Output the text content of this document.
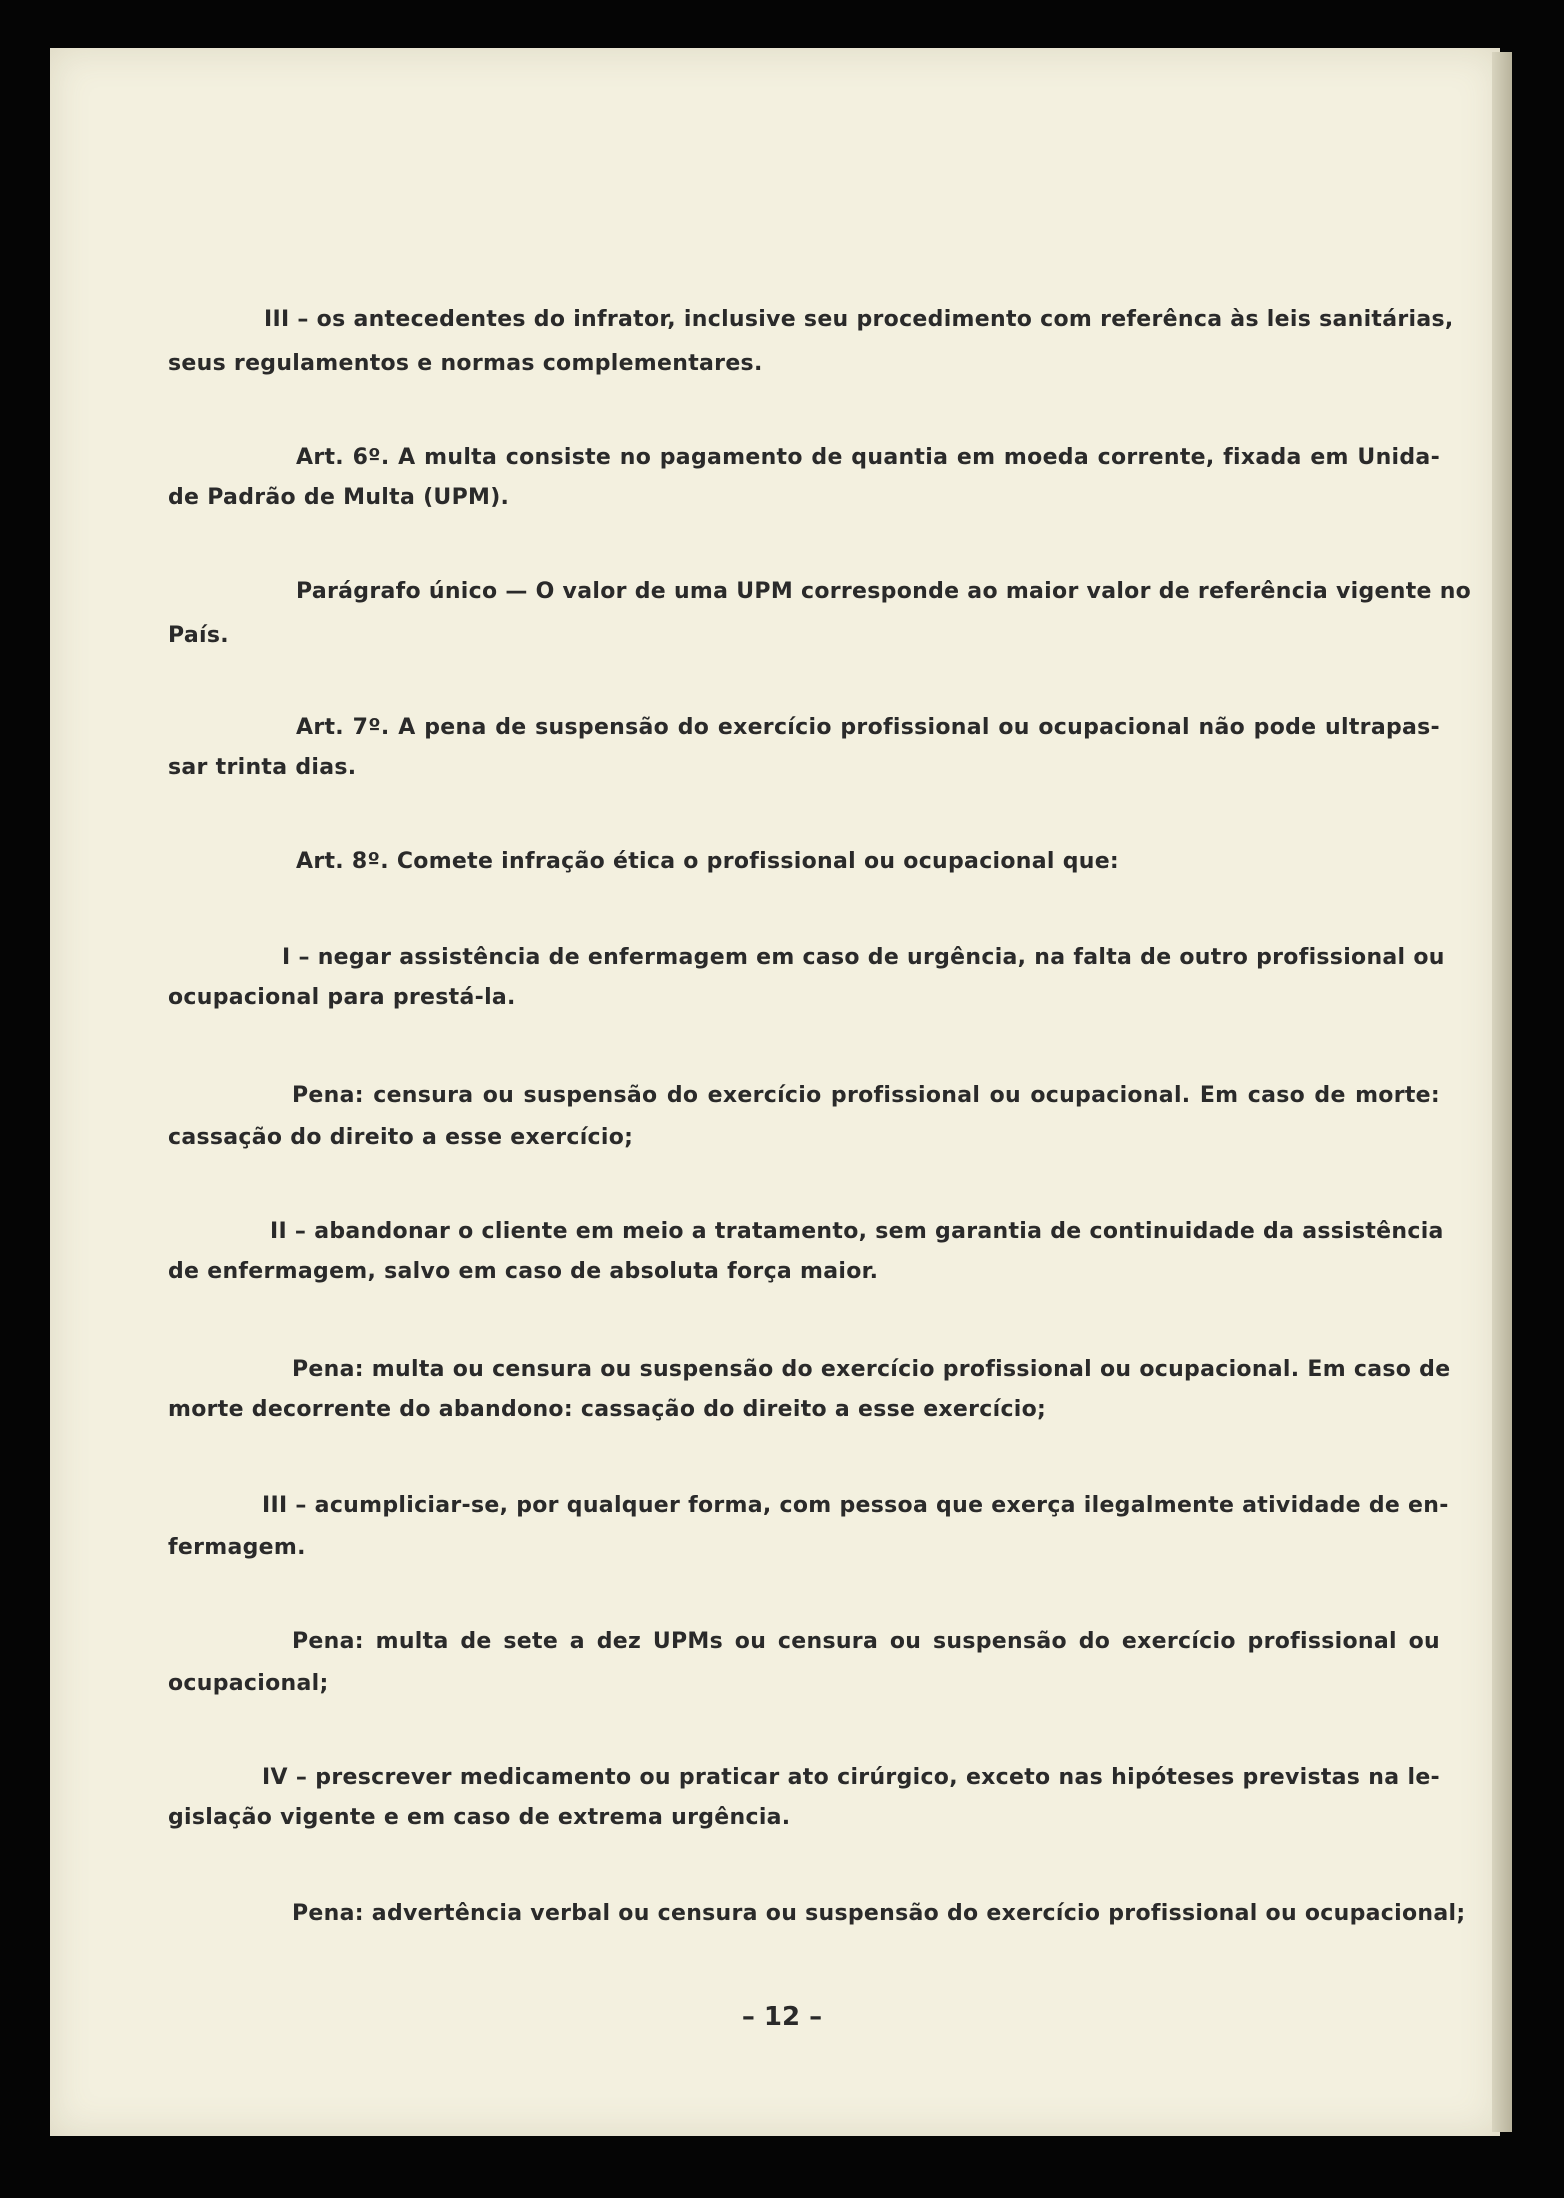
III – os antecedentes do infrator, inclusive seu procedimento com referênca às leis sanitárias,
seus regulamentos e normas complementares.
Art. 6º. A multa consiste no pagamento de quantia em moeda corrente, fixada em Unida-
de Padrão de Multa (UPM).
Parágrafo único — O valor de uma UPM corresponde ao maior valor de referência vigente no
País.
Art. 7º. A pena de suspensão do exercício profissional ou ocupacional não pode ultrapas-
sar trinta dias.
Art. 8º. Comete infração ética o profissional ou ocupacional que:
I – negar assistência de enfermagem em caso de urgência, na falta de outro profissional ou
ocupacional para prestá-la.
Pena: censura ou suspensão do exercício profissional ou ocupacional. Em caso de morte:
cassação do direito a esse exercício;
II – abandonar o cliente em meio a tratamento, sem garantia de continuidade da assistência
de enfermagem, salvo em caso de absoluta força maior.
Pena: multa ou censura ou suspensão do exercício profissional ou ocupacional. Em caso de
morte decorrente do abandono: cassação do direito a esse exercício;
III – acumpliciar-se, por qualquer forma, com pessoa que exerça ilegalmente atividade de en-
fermagem.
Pena: multa de sete a dez UPMs ou censura ou suspensão do exercício profissional ou
ocupacional;
IV – prescrever medicamento ou praticar ato cirúrgico, exceto nas hipóteses previstas na le-
gislação vigente e em caso de extrema urgência.
Pena: advertência verbal ou censura ou suspensão do exercício profissional ou ocupacional;
– 12 –
